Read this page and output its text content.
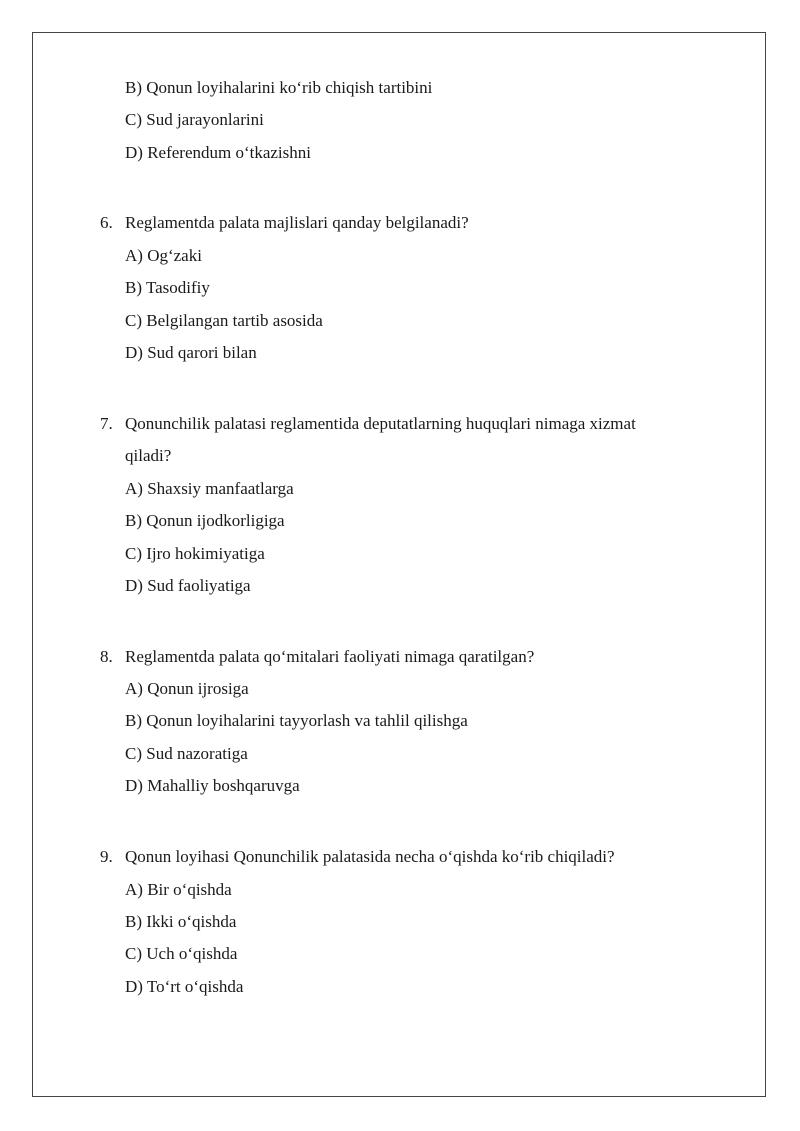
B) Qonun loyihalarini ko‘rib chiqish tartibini
C) Sud jarayonlarini
D) Referendum o‘tkazishni
6. Reglamentda palata majlislari qanday belgilanadi?
A) Og‘zaki
B) Tasodifiy
C) Belgilangan tartib asosida
D) Sud qarori bilan
7. Qonunchilik palatasi reglamentida deputatlarning huquqlari nimaga xizmat
qiladi?
A) Shaxsiy manfaatlarga
B) Qonun ijodkorligiga
C) Ijro hokimiyatiga
D) Sud faoliyatiga
8. Reglamentda palata qo‘mitalari faoliyati nimaga qaratilgan?
A) Qonun ijrosiga
B) Qonun loyihalarini tayyorlash va tahlil qilishga
C) Sud nazoratiga
D) Mahalliy boshqaruvga
9. Qonun loyihasi Qonunchilik palatasida necha o‘qishda ko‘rib chiqiladi?
A) Bir o‘qishda
B) Ikki o‘qishda
C) Uch o‘qishda
D) To‘rt o‘qishda
